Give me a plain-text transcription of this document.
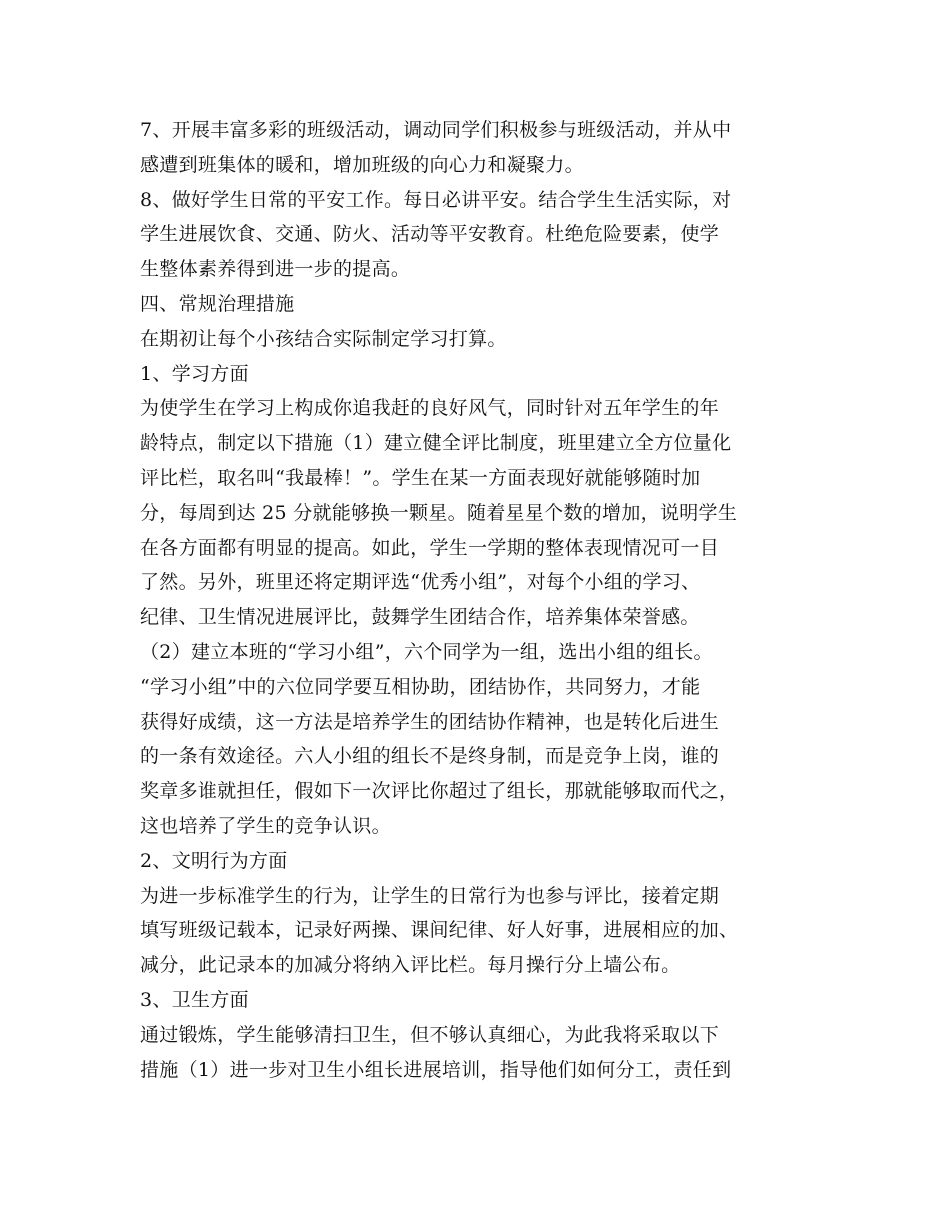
7、开展丰富多彩的班级活动，调动同学们积极参与班级活动，并从中
感遭到班集体的暖和，增加班级的向心力和凝聚力。
8、做好学生日常的平安工作。每日必讲平安。结合学生生活实际，对
学生进展饮食、交通、防火、活动等平安教育。杜绝危险要素，使学
生整体素养得到进一步的提高。
四、常规治理措施
在期初让每个小孩结合实际制定学习打算。
1、学习方面
为使学生在学习上构成你追我赶的良好风气，同时针对五年学生的年
龄特点，制定以下措施（1）建立健全评比制度，班里建立全方位量化
评比栏，取名叫“我最棒！”。学生在某一方面表现好就能够随时加
分，每周到达 25 分就能够换一颗星。随着星星个数的增加，说明学生
在各方面都有明显的提高。如此，学生一学期的整体表现情况可一目
了然。另外，班里还将定期评选“优秀小组”，对每个小组的学习、
纪律、卫生情况进展评比，鼓舞学生团结合作，培养集体荣誉感。
（2）建立本班的“学习小组”，六个同学为一组，选出小组的组长。
“学习小组”中的六位同学要互相协助，团结协作，共同努力，才能
获得好成绩，这一方法是培养学生的团结协作精神，也是转化后进生
的一条有效途径。六人小组的组长不是终身制，而是竞争上岗，谁的
奖章多谁就担任，假如下一次评比你超过了组长，那就能够取而代之，
这也培养了学生的竞争认识。
2、文明行为方面
为进一步标准学生的行为，让学生的日常行为也参与评比，接着定期
填写班级记载本，记录好两操、课间纪律、好人好事，进展相应的加、
减分，此记录本的加减分将纳入评比栏。每月操行分上墙公布。
3、卫生方面
通过锻炼，学生能够清扫卫生，但不够认真细心，为此我将采取以下
措施（1）进一步对卫生小组长进展培训，指导他们如何分工，责任到
